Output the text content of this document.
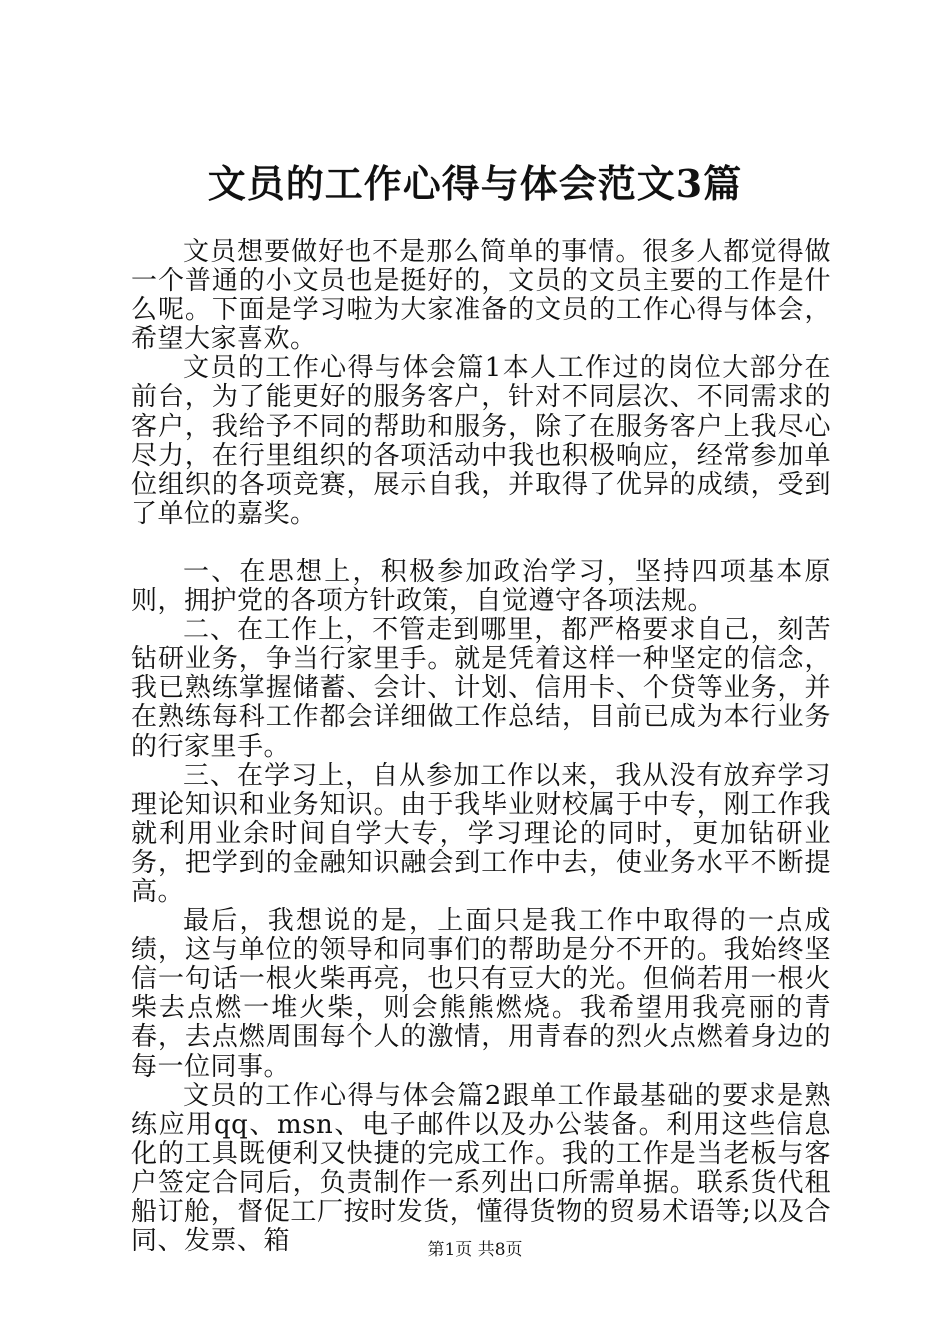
文员的工作心得与体会范文3篇

文员想要做好也不是那么简单的事情。很多人都觉得做一个普通的小文员也是挺好的，文员的文员主要的工作是什么呢。下面是学习啦为大家准备的文员的工作心得与体会，希望大家喜欢。

文员的工作心得与体会篇1本人工作过的岗位大部分在前台，为了能更好的服务客户，针对不同层次、不同需求的客户，我给予不同的帮助和服务，除了在服务客户上我尽心尽力，在行里组织的各项活动中我也积极响应，经常参加单位组织的各项竞赛，展示自我，并取得了优异的成绩，受到了单位的嘉奖。

一、在思想上，积极参加政治学习，坚持四项基本原则，拥护党的各项方针政策，自觉遵守各项法规。

二、在工作上，不管走到哪里，都严格要求自己，刻苦钻研业务，争当行家里手。就是凭着这样一种坚定的信念，我已熟练掌握储蓄、会计、计划、信用卡、个贷等业务，并在熟练每科工作都会详细做工作总结，目前已成为本行业务的行家里手。

三、在学习上，自从参加工作以来，我从没有放弃学习理论知识和业务知识。由于我毕业财校属于中专，刚工作我就利用业余时间自学大专，学习理论的同时，更加钻研业务，把学到的金融知识融会到工作中去，使业务水平不断提高。

最后，我想说的是，上面只是我工作中取得的一点成绩，这与单位的领导和同事们的帮助是分不开的。我始终坚信一句话一根火柴再亮，也只有豆大的光。但倘若用一根火柴去点燃一堆火柴，则会熊熊燃烧。我希望用我亮丽的青春，去点燃周围每个人的激情，用青春的烈火点燃着身边的每一位同事。

文员的工作心得与体会篇2跟单工作最基础的要求是熟练应用qq、msn、电子邮件以及办公装备。利用这些信息化的工具既便利又快捷的完成工作。我的工作是当老板与客户签定合同后，负责制作一系列出口所需单据。联系货代租船订舱，督促工厂按时发货，懂得货物的贸易术语等;以及合同、发票、箱	第1页 共8页
